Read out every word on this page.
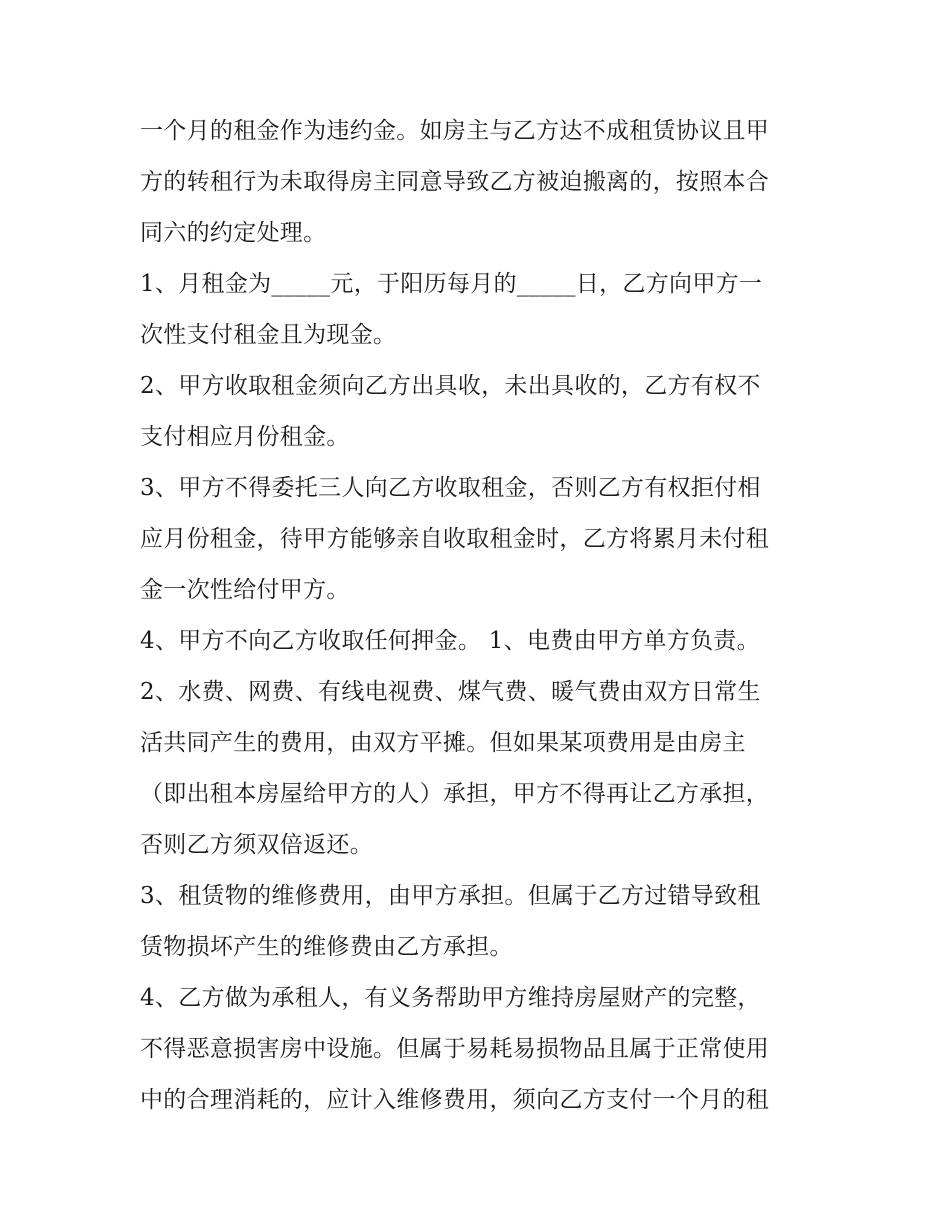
一个月的租金作为违约金。如房主与乙方达不成租赁协议且甲
方的转租行为未取得房主同意导致乙方被迫搬离的，按照本合
同六的约定处理。
1、月租金为_____元，于阳历每月的_____日，乙方向甲方一
次性支付租金且为现金。
2、甲方收取租金须向乙方出具收，未出具收的，乙方有权不
支付相应月份租金。
3、甲方不得委托三人向乙方收取租金，否则乙方有权拒付相
应月份租金，待甲方能够亲自收取租金时，乙方将累月未付租
金一次性给付甲方。
4、甲方不向乙方收取任何押金。 1、电费由甲方单方负责。
2、水费、网费、有线电视费、煤气费、暖气费由双方日常生
活共同产生的费用，由双方平摊。但如果某项费用是由房主
（即出租本房屋给甲方的人）承担，甲方不得再让乙方承担，
否则乙方须双倍返还。
3、租赁物的维修费用，由甲方承担。但属于乙方过错导致租
赁物损坏产生的维修费由乙方承担。
4、乙方做为承租人，有义务帮助甲方维持房屋财产的完整，
不得恶意损害房中设施。但属于易耗易损物品且属于正常使用
中的合理消耗的，应计入维修费用，须向乙方支付一个月的租
